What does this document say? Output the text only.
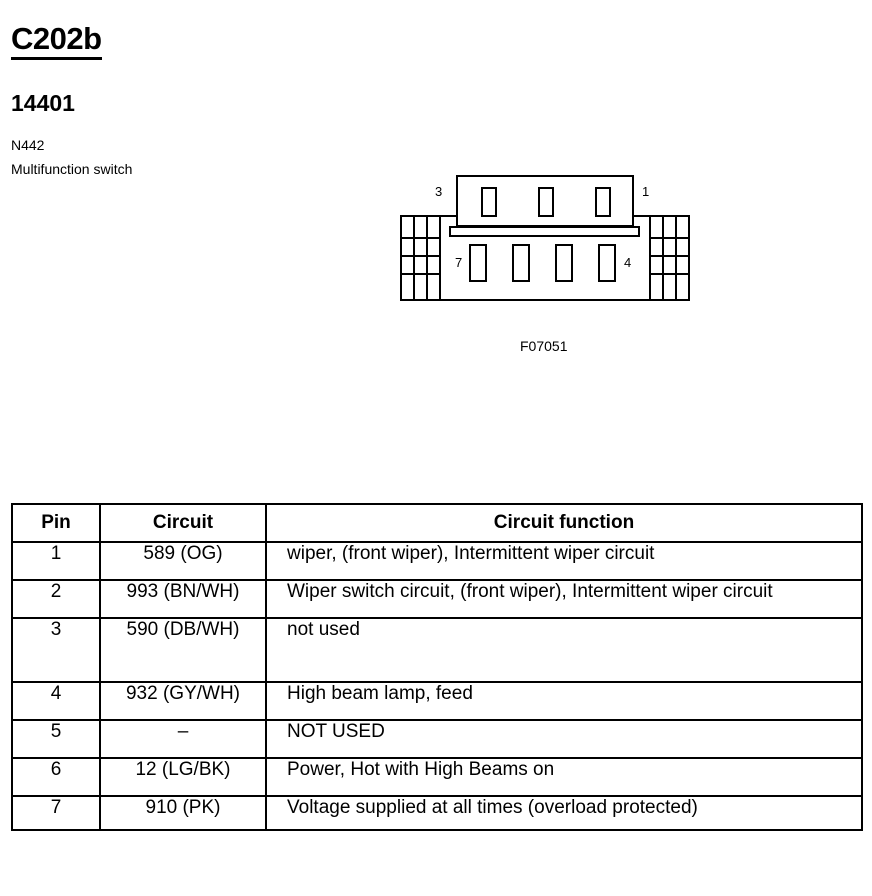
C202b
14401
N442
Multifunction switch
3	1
7	4
F07051
Pin	Circuit	Circuit function
1	589 (OG)	wiper, (front wiper), Intermittent wiper circuit
2	993 (BN/WH)	Wiper switch circuit, (front wiper), Intermittent wiper circuit
3	590 (DB/WH)	not used
4	932 (GY/WH)	High beam lamp, feed
5	–	NOT USED
6	12 (LG/BK)	Power, Hot with High Beams on
7	910 (PK)	Voltage supplied at all times (overload protected)
